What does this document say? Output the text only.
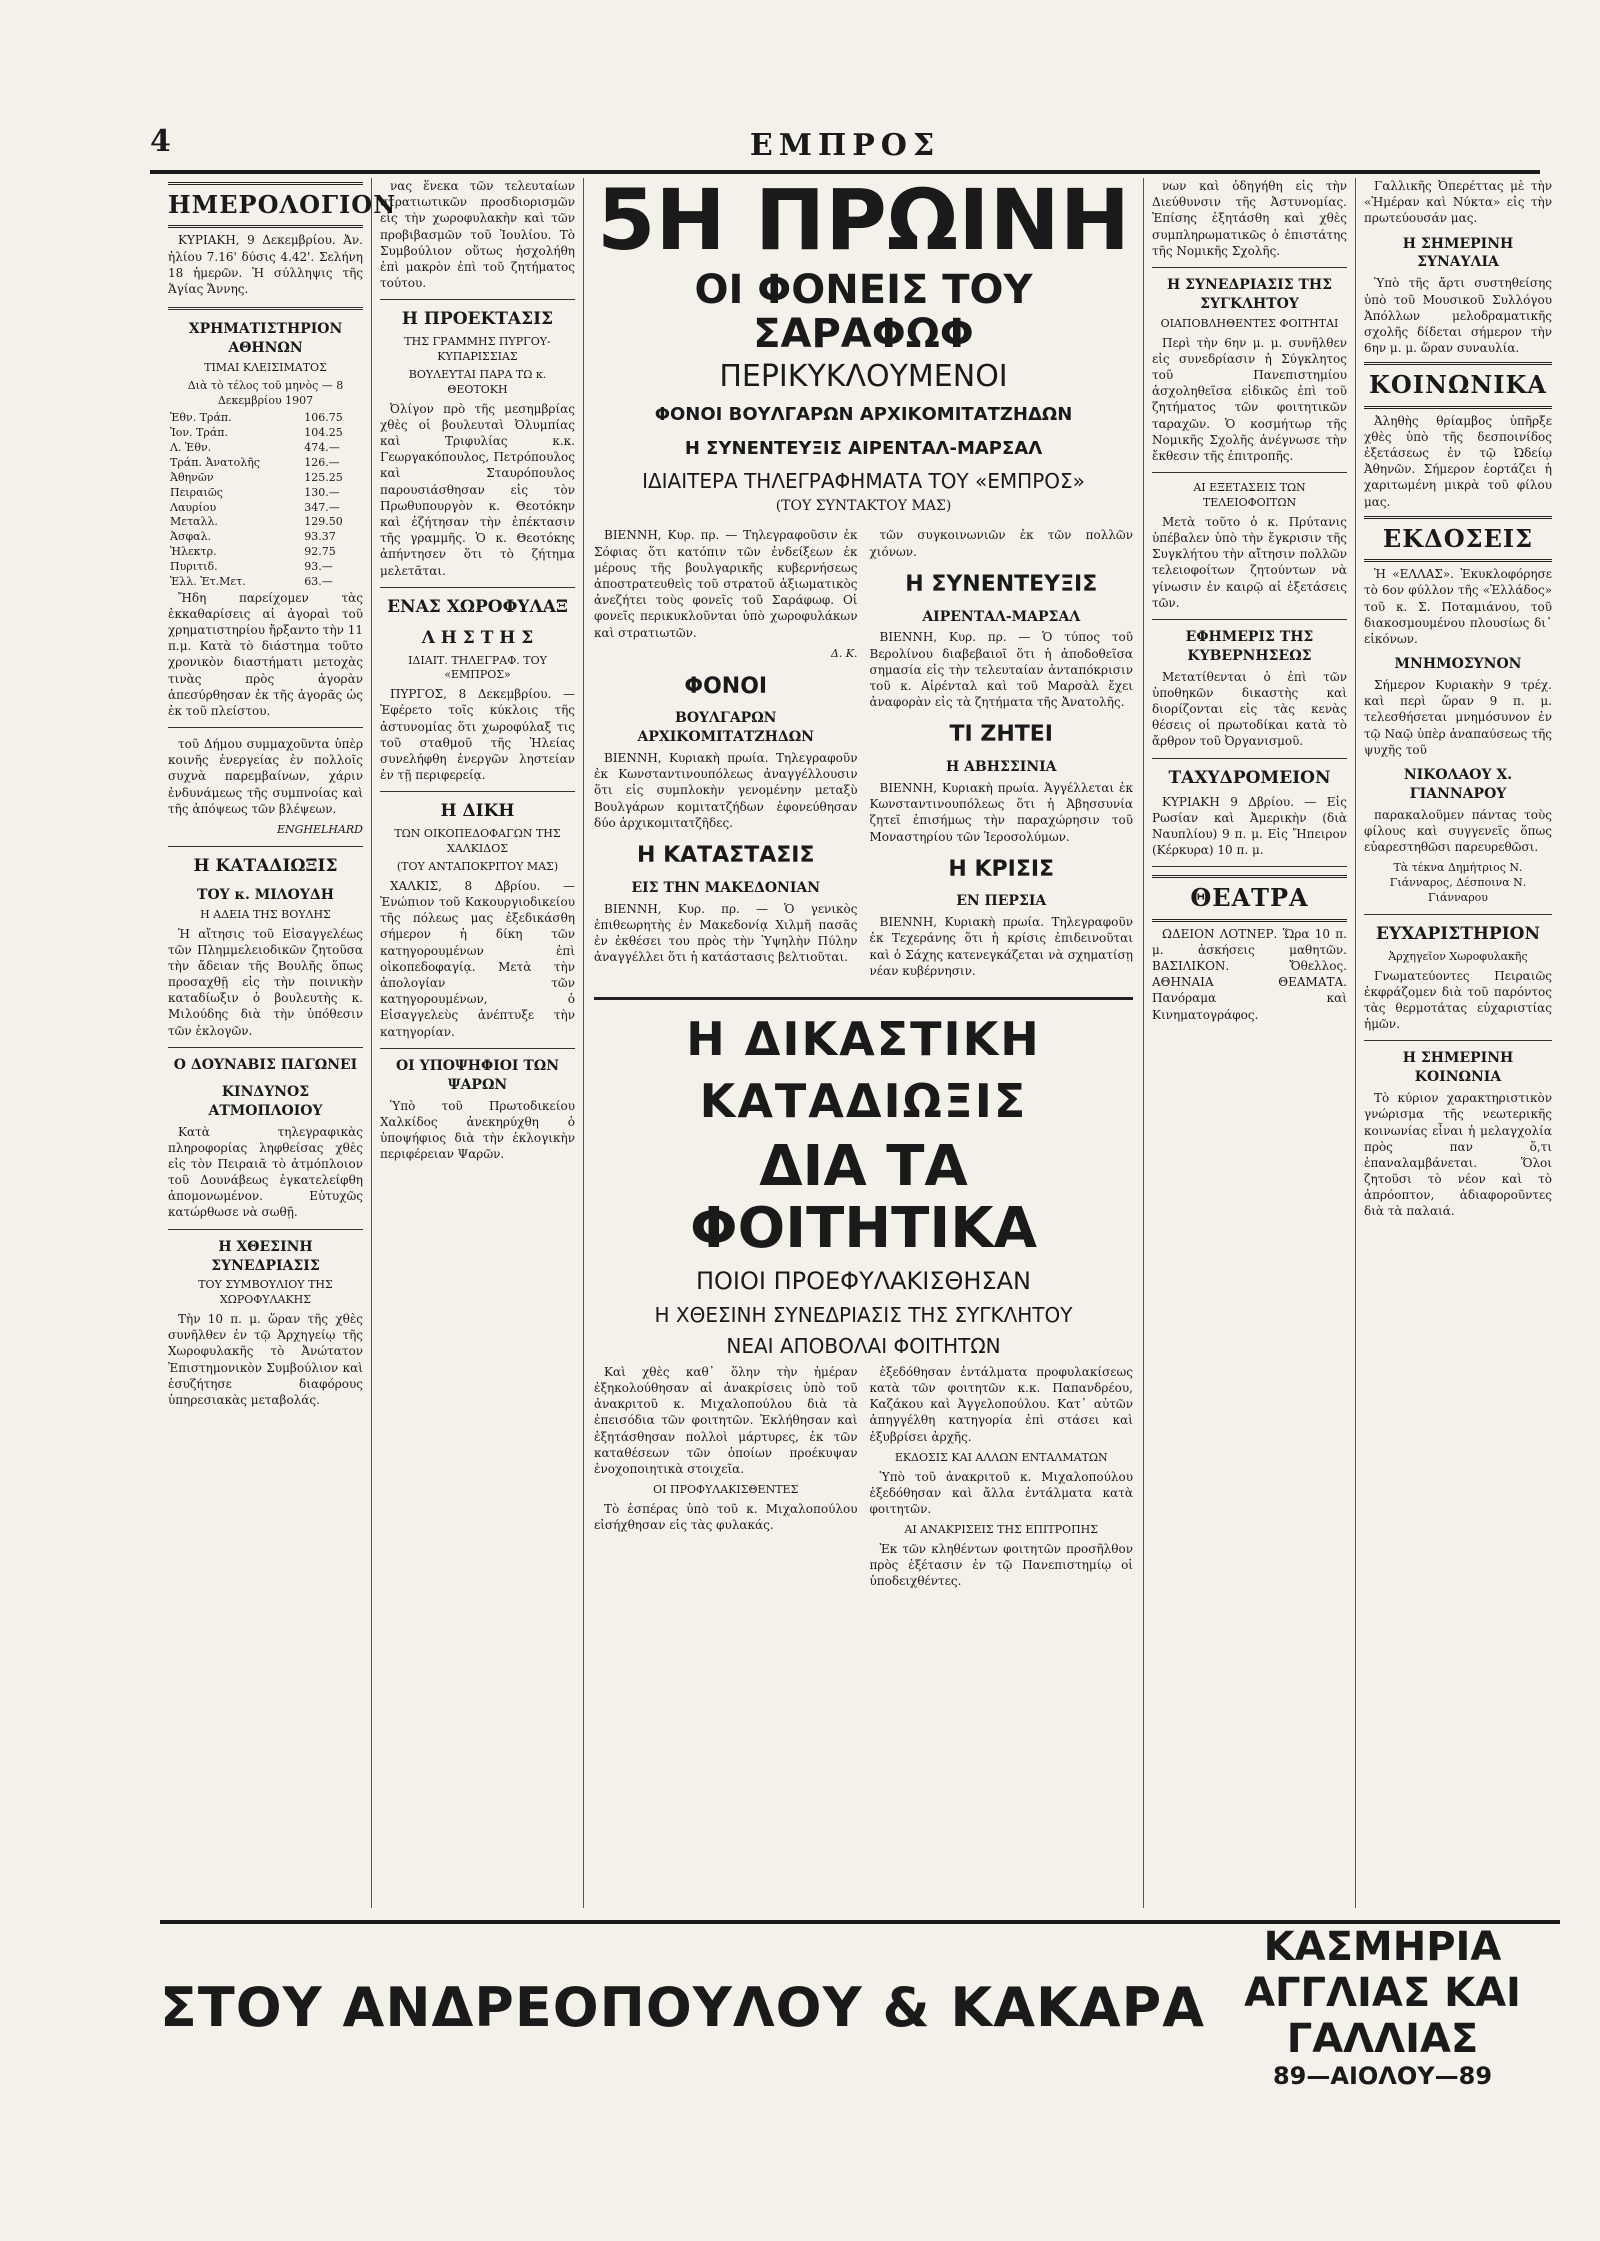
4	ΕΜΠΡΟΣ
ΗΜΕΡΟΛΟΓΙΟΝ

ΚΥΡΙΑΚΗ, 9 Δεκεμβρίου. Ἀν. ἡλίου 7.16' δύσις 4.42'. Σελήνη 18 ἡμερῶν. Ἡ σύλληψις τῆς Ἁγίας Ἄννης.

ΧΡΗΜΑΤΙΣΤΗΡΙΟΝ ΑΘΗΝΩΝ
ΤΙΜΑΙ ΚΛΕΙΣΙΜΑΤΟΣ
Διὰ τὸ τέλος τοῦ μηνὸς — 8 Δεκεμβρίου 1907
Ἐθν. Τράπ.	106.75
Ἰον. Τράπ.	104.25
Λ. Ἐθν.	474.—
Τράπ. Ἀνατολῆς	126.—
Ἀθηνῶν	125.25
Πειραιῶς	130.—
Λαυρίου	347.—
Μεταλλ.	129.50
Ἀσφαλ.	93.37
Ἠλεκτρ.	92.75
Πυριτιδ.	93.—
Ἑλλ. Ἐτ.Μετ.	63.—

Ἤδη παρείχομεν τὰς ἐκκαθαρίσεις αἱ ἀγοραὶ τοῦ χρηματιστηρίου ἤρξαντο τὴν 11 π.μ. Κατὰ τὸ διάστημα τοῦτο χρονικὸν διαστήματι μετοχὰς τινὰς πρὸς ἀγορὰν ἀπεσύρθησαν ἐκ τῆς ἀγορᾶς ὡς ἐκ τοῦ πλείστου.

τοῦ Δήμου συμμαχοῦντα ὑπὲρ κοινῆς ἐνεργείας ἐν πολλοῖς συχνὰ παρεμβαίνων, χάριν ἐνδυνάμεως τῆς συμπνοίας καὶ τῆς ἀπόψεως τῶν βλέψεων.

ENGHELHARD
Η ΚΑΤΑΔΙΩΞΙΣ
ΤΟΥ κ. ΜΙΛΟΥΔΗ
Η ΑΔΕΙΑ ΤΗΣ ΒΟΥΛΗΣ

Ἡ αἴτησις τοῦ Εἰσαγγελέως τῶν Πλημμελειοδικῶν ζητοῦσα τὴν ἄδειαν τῆς Βουλῆς ὅπως προσαχθῇ εἰς τὴν ποινικὴν καταδίωξιν ὁ βουλευτὴς κ. Μιλούδης διὰ τὴν ὑπόθεσιν τῶν ἐκλογῶν.

Ο ΔΟΥΝΑΒΙΣ ΠΑΓΩΝΕΙ
ΚΙΝΔΥΝΟΣ ΑΤΜΟΠΛΟΙΟΥ

Κατὰ τηλεγραφικὰς πληροφορίας ληφθείσας χθὲς εἰς τὸν Πειραιᾶ τὸ ἀτμόπλοιον τοῦ Δουνάβεως ἐγκατελείφθη ἀπομονωμένον. Εὐτυχῶς κατώρθωσε νὰ σωθῇ.

Η ΧΘΕΣΙΝΗ ΣΥΝΕΔΡΙΑΣΙΣ
ΤΟΥ ΣΥΜΒΟΥΛΙΟΥ ΤΗΣ ΧΩΡΟΦΥΛΑΚΗΣ

Τὴν 10 π. μ. ὥραν τῆς χθὲς συνῆλθεν ἐν τῷ Ἀρχηγείῳ τῆς Χωροφυλακῆς τὸ Ἀνώτατον Ἐπιστημονικὸν Συμβούλιον καὶ ἐσυζήτησε διαφόρους ὑπηρεσιακὰς μεταβολάς.

νας ἕνεκα τῶν τελευταίων στρατιωτικῶν προσδιορισμῶν εἰς τὴν χωροφυλακὴν καὶ τῶν προβιβασμῶν τοῦ Ἰουλίου. Τὸ Συμβούλιον οὕτως ἠσχολήθη ἐπὶ μακρὸν ἐπὶ τοῦ ζητήματος τούτου.

Η ΠΡΟΕΚΤΑΣΙΣ
ΤΗΣ ΓΡΑΜΜΗΣ ΠΥΡΓΟΥ-ΚΥΠΑΡΙΣΣΙΑΣ
ΒΟΥΛΕΥΤΑΙ ΠΑΡΑ ΤΩ κ. ΘΕΟΤΟΚΗ

Ὀλίγον πρὸ τῆς μεσημβρίας χθὲς οἱ βουλευταὶ Ὀλυμπίας καὶ Τριφυλίας κ.κ. Γεωργακόπουλος, Πετρόπουλος καὶ Σταυρόπουλος παρουσιάσθησαν εἰς τὸν Πρωθυπουργὸν κ. Θεοτόκην καὶ ἐζήτησαν τὴν ἐπέκτασιν τῆς γραμμῆς. Ὁ κ. Θεοτόκης ἀπήντησεν ὅτι τὸ ζήτημα μελετᾶται.

ΕΝΑΣ ΧΩΡΟΦΥΛΑΞ
Λ Η Σ Τ Η Σ
ΙΔΙΑΙΤ. ΤΗΛΕΓΡΑΦ. ΤΟΥ «ΕΜΠΡΟΣ»

ΠΥΡΓΟΣ, 8 Δεκεμβρίου. — Ἐφέρετο τοῖς κύκλοις τῆς ἀστυνομίας ὅτι χωροφύλαξ τις τοῦ σταθμοῦ τῆς Ἠλείας συνελήφθη ἐνεργῶν ληστείαν ἐν τῇ περιφερείᾳ.

Η ΔΙΚΗ
ΤΩΝ ΟΙΚΟΠΕΔΟΦΑΓΩΝ ΤΗΣ ΧΑΛΚΙΔΟΣ
(ΤΟΥ ΑΝΤΑΠΟΚΡΙΤΟΥ ΜΑΣ)

ΧΑΛΚΙΣ, 8 Δβρίου. — Ἐνώπιον τοῦ Κακουργιοδικείου τῆς πόλεως μας ἐξεδικάσθη σήμερον ἡ δίκη τῶν κατηγορουμένων ἐπὶ οἰκοπεδοφαγίᾳ. Μετὰ τὴν ἀπολογίαν τῶν κατηγορουμένων, ὁ Εἰσαγγελεὺς ἀνέπτυξε τὴν κατηγορίαν.

ΟΙ ΥΠΟΨΗΦΙΟΙ ΤΩΝ ΨΑΡΩΝ

Ὑπὸ τοῦ Πρωτοδικείου Χαλκίδος ἀνεκηρύχθη ὁ ὑποψήφιος διὰ τὴν ἐκλογικὴν περιφέρειαν Ψαρῶν.

5Η ΠΡΩΙΝΗ
ΟΙ ΦΟΝΕΙΣ ΤΟΥ ΣΑΡΑΦΩΦ
ΠΕΡΙΚΥΚΛΟΥΜΕΝΟΙ
ΦΟΝΟΙ ΒΟΥΛΓΑΡΩΝ ΑΡΧΙΚΟΜΙΤΑΤΖΗΔΩΝ
Η ΣΥΝΕΝΤΕΥΞΙΣ ΑΙΡΕΝΤΑΛ-ΜΑΡΣΑΛ
ΙΔΙΑΙΤΕΡΑ ΤΗΛΕΓΡΑΦΗΜΑΤΑ ΤΟΥ «ΕΜΠΡΟΣ»
(ΤΟΥ ΣΥΝΤΑΚΤΟΥ ΜΑΣ)

ΒΙΕΝΝΗ, Κυρ. πρ. — Τηλεγραφοῦσιν ἐκ Σόφιας ὅτι κατόπιν τῶν ἐνδείξεων ἐκ μέρους τῆς βουλγαρικῆς κυβερνήσεως ἀποστρατευθεὶς τοῦ στρατοῦ ἀξιωματικὸς ἀνεζήτει τοὺς φονεῖς τοῦ Σαράφωφ. Οἱ φονεῖς περικυκλοῦνται ὑπὸ χωροφυλάκων καὶ στρατιωτῶν.

Δ. Κ.
ΦΟΝΟΙ
ΒΟΥΛΓΑΡΩΝ ΑΡΧΙΚΟΜΙΤΑΤΖΗΔΩΝ

ΒΙΕΝΝΗ, Κυριακὴ πρωία. Τηλεγραφοῦν ἐκ Κωνσταντινουπόλεως ἀναγγέλλουσιν ὅτι εἰς συμπλοκὴν γενομένην μεταξὺ Βουλγάρων κομιτατζήδων ἐφονεύθησαν δύο ἀρχικομιτατζῆδες.

Η ΚΑΤΑΣΤΑΣΙΣ
ΕΙΣ ΤΗΝ ΜΑΚΕΔΟΝΙΑΝ

ΒΙΕΝΝΗ, Κυρ. πρ. — Ὁ γενικὸς ἐπιθεωρητὴς ἐν Μακεδονίᾳ Χιλμῆ πασᾶς ἐν ἐκθέσει του πρὸς τὴν Ὑψηλὴν Πύλην ἀναγγέλλει ὅτι ἡ κατάστασις βελτιοῦται.

τῶν συγκοινωνιῶν ἐκ τῶν πολλῶν χιόνων.

Η ΣΥΝΕΝΤΕΥΞΙΣ
ΑΙΡΕΝΤΑΛ-ΜΑΡΣΑΛ

ΒΙΕΝΝΗ, Κυρ. πρ. — Ὁ τύπος τοῦ Βερολίνου διαβεβαιοῖ ὅτι ἡ ἀποδοθεῖσα σημασία εἰς τὴν τελευταίαν ἀνταπόκρισιν τοῦ κ. Αἰρένταλ καὶ τοῦ Μαρσὰλ ἔχει ἀναφορὰν εἰς τὰ ζητήματα τῆς Ἀνατολῆς.

ΤΙ ΖΗΤΕΙ
Η ΑΒΗΣΣΙΝΙΑ

ΒΙΕΝΝΗ, Κυριακὴ πρωία. Ἀγγέλλεται ἐκ Κωνσταντινουπόλεως ὅτι ἡ Ἀβησσυνία ζητεῖ ἐπισήμως τὴν παραχώρησιν τοῦ Μοναστηρίου τῶν Ἱεροσολύμων.

Η ΚΡΙΣΙΣ
ΕΝ ΠΕΡΣΙΑ

ΒΙΕΝΝΗ, Κυριακὴ πρωία. Τηλεγραφοῦν ἐκ Τεχεράνης ὅτι ἡ κρίσις ἐπιδεινοῦται καὶ ὁ Σάχης κατενεγκάζεται νὰ σχηματίσῃ νέαν κυβέρνησιν.

Η ΔΙΚΑΣΤΙΚΗ ΚΑΤΑΔΙΩΞΙΣ
ΔΙΑ ΤΑ ΦΟΙΤΗΤΙΚΑ
ΠΟΙΟΙ ΠΡΟΕΦΥΛΑΚΙΣΘΗΣΑΝ
Η ΧΘΕΣΙΝΗ ΣΥΝΕΔΡΙΑΣΙΣ ΤΗΣ ΣΥΓΚΛΗΤΟΥ
ΝΕΑΙ ΑΠΟΒΟΛΑΙ ΦΟΙΤΗΤΩΝ

Καὶ χθὲς καθ᾽ ὅλην τὴν ἡμέραν ἐξηκολούθησαν αἱ ἀνακρίσεις ὑπὸ τοῦ ἀνακριτοῦ κ. Μιχαλοπούλου διὰ τὰ ἐπεισόδια τῶν φοιτητῶν. Ἐκλήθησαν καὶ ἐξητάσθησαν πολλοὶ μάρτυρες, ἐκ τῶν καταθέσεων τῶν ὁποίων προέκυψαν ἐνοχοποιητικὰ στοιχεῖα.

ΟΙ ΠΡΟΦΥΛΑΚΙΣΘΕΝΤΕΣ

Τὸ ἑσπέρας ὑπὸ τοῦ κ. Μιχαλοπούλου εἰσήχθησαν εἰς τὰς φυλακάς.

ἐξεδόθησαν ἐντάλματα προφυλακίσεως κατὰ τῶν φοιτητῶν κ.κ. Παπανδρέου, Καζάκου καὶ Ἀγγελοπούλου. Κατ᾽ αὐτῶν ἀπηγγέλθη κατηγορία ἐπὶ στάσει καὶ ἐξυβρίσει ἀρχῆς.

ΕΚΔΟΣΙΣ ΚΑΙ ΑΛΛΩΝ ΕΝΤΑΛΜΑΤΩΝ

Ὑπὸ τοῦ ἀνακριτοῦ κ. Μιχαλοπούλου ἐξεδόθησαν καὶ ἄλλα ἐντάλματα κατὰ φοιτητῶν.

ΑΙ ΑΝΑΚΡΙΣΕΙΣ ΤΗΣ ΕΠΙΤΡΟΠΗΣ

Ἐκ τῶν κληθέντων φοιτητῶν προσῆλθον πρὸς ἐξέτασιν ἐν τῷ Πανεπιστημίῳ οἱ ὑποδειχθέντες.

νων καὶ ὁδηγήθη εἰς τὴν Διεύθυνσιν τῆς Ἀστυνομίας. Ἐπίσης ἐξητάσθη καὶ χθὲς συμπληρωματικῶς ὁ ἐπιστάτης τῆς Νομικῆς Σχολῆς.

Η ΣΥΝΕΔΡΙΑΣΙΣ ΤΗΣ ΣΥΓΚΛΗΤΟΥ
ΟΙΑΠΟΒΛΗΘΕΝΤΕΣ ΦΟΙΤΗΤΑΙ

Περὶ τὴν 6ην μ. μ. συνῆλθεν εἰς συνεδρίασιν ἡ Σύγκλητος τοῦ Πανεπιστημίου ἀσχοληθεῖσα εἰδικῶς ἐπὶ τοῦ ζητήματος τῶν φοιτητικῶν ταραχῶν. Ὁ κοσμήτωρ τῆς Νομικῆς Σχολῆς ἀνέγνωσε τὴν ἔκθεσιν τῆς ἐπιτροπῆς.

ΑΙ ΕΞΕΤΑΣΕΙΣ ΤΩΝ ΤΕΛΕΙΟΦΟΙΤΩΝ

Μετὰ τοῦτο ὁ κ. Πρύτανις ὑπέβαλεν ὑπὸ τὴν ἔγκρισιν τῆς Συγκλήτου τὴν αἴτησιν πολλῶν τελειοφοίτων ζητούντων νὰ γίνωσιν ἐν καιρῷ αἱ ἐξετάσεις τῶν.

ΕΦΗΜΕΡΙΣ ΤΗΣ ΚΥΒΕΡΝΗΣΕΩΣ

Μετατίθενται ὁ ἐπὶ τῶν ὑποθηκῶν δικαστὴς καὶ διορίζονται εἰς τὰς κενὰς θέσεις οἱ πρωτοδίκαι κατὰ τὸ ἄρθρον τοῦ Ὀργανισμοῦ.

ΤΑΧΥΔΡΟΜΕΙΟΝ

ΚΥΡΙΑΚΗ 9 Δβρίου. — Εἰς Ρωσίαν καὶ Ἀμερικὴν (διὰ Ναυπλίου) 9 π. μ. Εἰς Ἤπειρον (Κέρκυρα) 10 π. μ.

ΘΕΑΤΡΑ

ΩΔΕΙΟΝ ΛΟΤΝΕΡ. Ὥρα 10 π. μ. ἀσκήσεις μαθητῶν. ΒΑΣΙΛΙΚΟΝ. Ὄθελλος. ΑΘΗΝΑΙΑ ΘΕΑΜΑΤΑ. Πανόραμα καὶ Κινηματογράφος.

Γαλλικῆς Ὀπερέττας μὲ τὴν «Ἡμέραν καὶ Νύκτα» εἰς τὴν πρωτεύουσάν μας.

Η ΣΗΜΕΡΙΝΗ ΣΥΝΑΥΛΙΑ

Ὑπὸ τῆς ἄρτι συστηθείσης ὑπὸ τοῦ Μουσικοῦ Συλλόγου Ἀπόλλων μελοδραματικῆς σχολῆς δίδεται σήμερον τὴν 6ην μ. μ. ὥραν συναυλία.

ΚΟΙΝΩΝΙΚΑ

Ἀληθὴς θρίαμβος ὑπῆρξε χθὲς ὑπὸ τῆς δεσποινίδος ἐξετάσεως ἐν τῷ Ὠδείῳ Ἀθηνῶν. Σήμερον ἑορτάζει ἡ χαριτωμένη μικρὰ τοῦ φίλου μας.

ΕΚΔΟΣΕΙΣ

Ἡ «ΕΛΛΑΣ». Ἐκυκλοφόρησε τὸ 6ον φύλλον τῆς «Ἑλλάδος» τοῦ κ. Σ. Ποταμιάνου, τοῦ διακοσμουμένου πλουσίως δι᾽ εἰκόνων.

ΜΝΗΜΟΣΥΝΟΝ

Σήμερον Κυριακὴν 9 τρέχ. καὶ περὶ ὥραν 9 π. μ. τελεσθήσεται μνημόσυνον ἐν τῷ Ναῷ ὑπὲρ ἀναπαύσεως τῆς ψυχῆς τοῦ

ΝΙΚΟΛΑΟΥ Χ. ΓΙΑΝΝΑΡΟΥ

παρακαλοῦμεν πάντας τοὺς φίλους καὶ συγγενεῖς ὅπως εὐαρεστηθῶσι παρευρεθῶσι.

Τὰ τέκνα Δημήτριος Ν. Γιάνναρος, Δέσποινα Ν. Γιάνναρου
ΕΥΧΑΡΙΣΤΗΡΙΟΝ
Ἀρχηγεῖον Χωροφυλακῆς

Γνωματεύοντες Πειραιῶς ἐκφράζομεν διὰ τοῦ παρόντος τὰς θερμοτάτας εὐχαριστίας ἡμῶν.

Η ΣΗΜΕΡΙΝΗ ΚΟΙΝΩΝΙΑ

Τὸ κύριον χαρακτηριστικὸν γνώρισμα τῆς νεωτερικῆς κοινωνίας εἶναι ἡ μελαγχολία πρὸς παν ὅ,τι ἐπαναλαμβάνεται. Ὅλοι ζητοῦσι τὸ νέον καὶ τὸ ἀπρόοπτον, ἀδιαφοροῦντες διὰ τὰ παλαιά.

ΣΤΟΥ ΑΝΔΡΕΟΠΟΥΛΟΥ & ΚΑΚΑΡΑ
ΚΑΣΜΗΡΙΑ ΑΓΓΛΙΑΣ ΚΑΙ ΓΑΛΛΙΑΣ
89—ΑΙΟΛΟΥ—89
